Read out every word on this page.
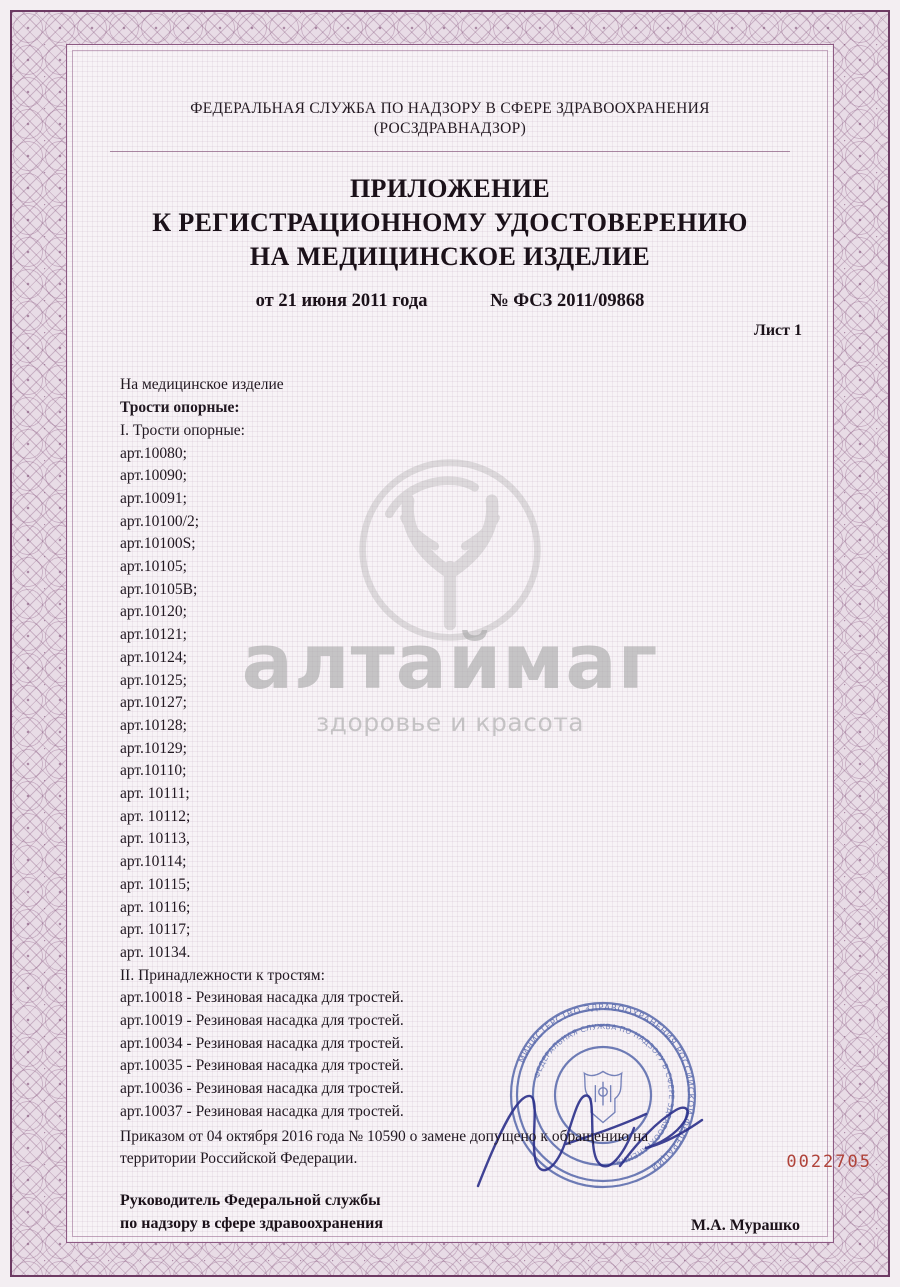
алтаймаг
здоровье и красота
ФЕДЕРАЛЬНАЯ СЛУЖБА ПО НАДЗОРУ В СФЕРЕ ЗДРАВООХРАНЕНИЯ
(РОСЗДРАВНАДЗОР)
ПРИЛОЖЕНИЕ
К РЕГИСТРАЦИОННОМУ УДОСТОВЕРЕНИЮ
НА МЕДИЦИНСКОЕ ИЗДЕЛИЕ
от 21 июня 2011 года	№ ФСЗ 2011/09868
Лист 1
На медицинское изделие
Трости опорные:
I. Трости опорные:
арт.10080;
арт.10090;
арт.10091;
арт.10100/2;
арт.10100S;
арт.10105;
арт.10105B;
арт.10120;
арт.10121;
арт.10124;
арт.10125;
арт.10127;
арт.10128;
арт.10129;
арт.10110;
арт. 10111;
арт. 10112;
арт. 10113,
арт.10114;
арт. 10115;
арт. 10116;
арт. 10117;
арт. 10134.
II. Принадлежности к тростям:
арт.10018 - Резиновая насадка для тростей.
арт.10019 - Резиновая насадка для тростей.
арт.10034 - Резиновая насадка для тростей.
арт.10035 - Резиновая насадка для тростей.
арт.10036 - Резиновая насадка для тростей.
арт.10037 - Резиновая насадка для тростей.
Приказом от 04 октября 2016 года № 10590 о замене допущено к обращению на
территории Российской Федерации.
Руководитель Федеральной службы
по надзору в сфере здравоохранения	М.А. Мурашко
МИНИСТЕРСТВО ЗДРАВООХРАНЕНИЯ РОССИЙСКОЙ ФЕДЕРАЦИИ
ФЕДЕРАЛЬНАЯ СЛУЖБА ПО НАДЗОРУ В СФЕРЕ ЗДРАВООХРАНЕНИЯ	0022705
